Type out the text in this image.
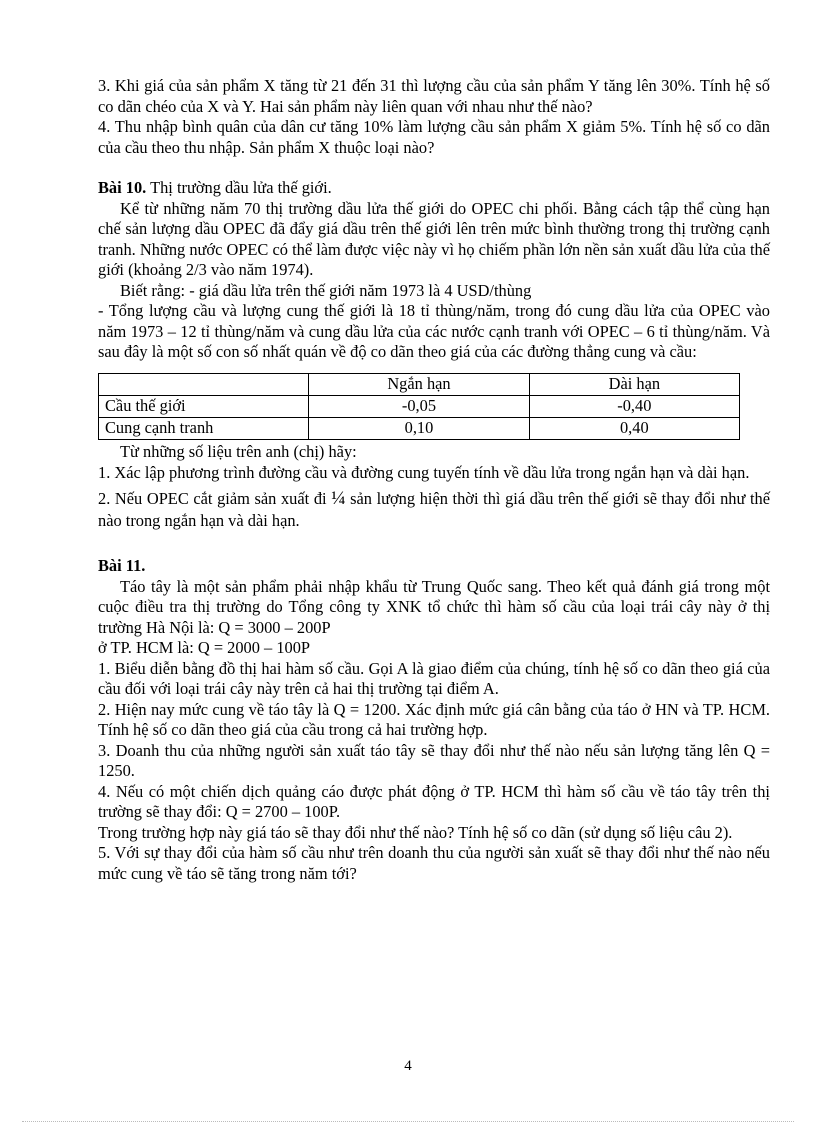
3. Khi giá của sản phẩm X tăng từ 21 đến 31 thì lượng cầu của sản phẩm Y tăng lên 30%. Tính hệ số co dãn chéo của X và Y. Hai sản phẩm này liên quan với nhau như thế nào?

4. Thu nhập bình quân của dân cư tăng 10% làm lượng cầu sản phẩm X giảm 5%. Tính hệ số co dãn của cầu theo thu nhập. Sản phẩm X thuộc loại nào?

Bài 10. Thị trường dầu lửa thế giới.

Kể từ những năm 70 thị trường dầu lửa thế giới do OPEC chi phối. Bằng cách tập thể cùng hạn chế sản lượng dầu OPEC đã đẩy giá dầu trên thế giới lên trên mức bình thường trong thị trường cạnh tranh. Những nước OPEC có thể làm được việc này vì họ chiếm phần lớn nền sản xuất dầu lửa của thế giới (khoảng 2/3 vào năm 1974).

Biết rằng: - giá dầu lửa trên thế giới năm 1973 là 4 USD/thùng

- Tổng lượng cầu và lượng cung thế giới là 18 tỉ thùng/năm, trong đó cung dầu lửa của OPEC vào năm 1973 – 12 tỉ thùng/năm và cung dầu lửa của các nước cạnh tranh với OPEC – 6 tỉ thùng/năm. Và sau đây là một số con số nhất quán về độ co dãn theo giá của các đường thẳng cung và cầu:

	Ngắn hạn	Dài hạn
Cầu thế giới	-0,05	-0,40
Cung cạnh tranh	0,10	0,40

Từ những số liệu trên anh (chị) hãy:

1. Xác lập phương trình đường cầu và đường cung tuyến tính về dầu lửa trong ngắn hạn và dài hạn.

2. Nếu OPEC cắt giảm sản xuất đi ¼ sản lượng hiện thời thì giá dầu trên thế giới sẽ thay đổi như thế nào trong ngắn hạn và dài hạn.

Bài 11.

Táo tây là một sản phẩm phải nhập khẩu từ Trung Quốc sang. Theo kết quả đánh giá trong một cuộc điều tra thị trường do Tổng công ty XNK tổ chức thì hàm số cầu của loại trái cây này ở thị trường Hà Nội là: Q = 3000 – 200P

ở TP. HCM là: Q = 2000 – 100P

1. Biểu diễn bằng đồ thị hai hàm số cầu. Gọi A là giao điểm của chúng, tính hệ số co dãn theo giá của cầu đối với loại trái cây này trên cả hai thị trường tại điểm A.

2. Hiện nay mức cung về táo tây là Q = 1200. Xác định mức giá cân bằng của táo ở HN và TP. HCM. Tính hệ số co dãn theo giá của cầu trong cả hai trường hợp.

3. Doanh thu của những người sản xuất táo tây sẽ thay đổi như thế nào nếu sản lượng tăng lên Q = 1250.

4. Nếu có một chiến dịch quảng cáo được phát động ở TP. HCM thì hàm số cầu về táo tây trên thị trường sẽ thay đổi: Q = 2700 – 100P.

Trong trường hợp này giá táo sẽ thay đổi như thế nào? Tính hệ số co dãn (sử dụng số liệu câu 2).

5. Với sự thay đổi của hàm số cầu như trên doanh thu của người sản xuất sẽ thay đổi như thế nào nếu mức cung về táo sẽ tăng trong năm tới?

4
